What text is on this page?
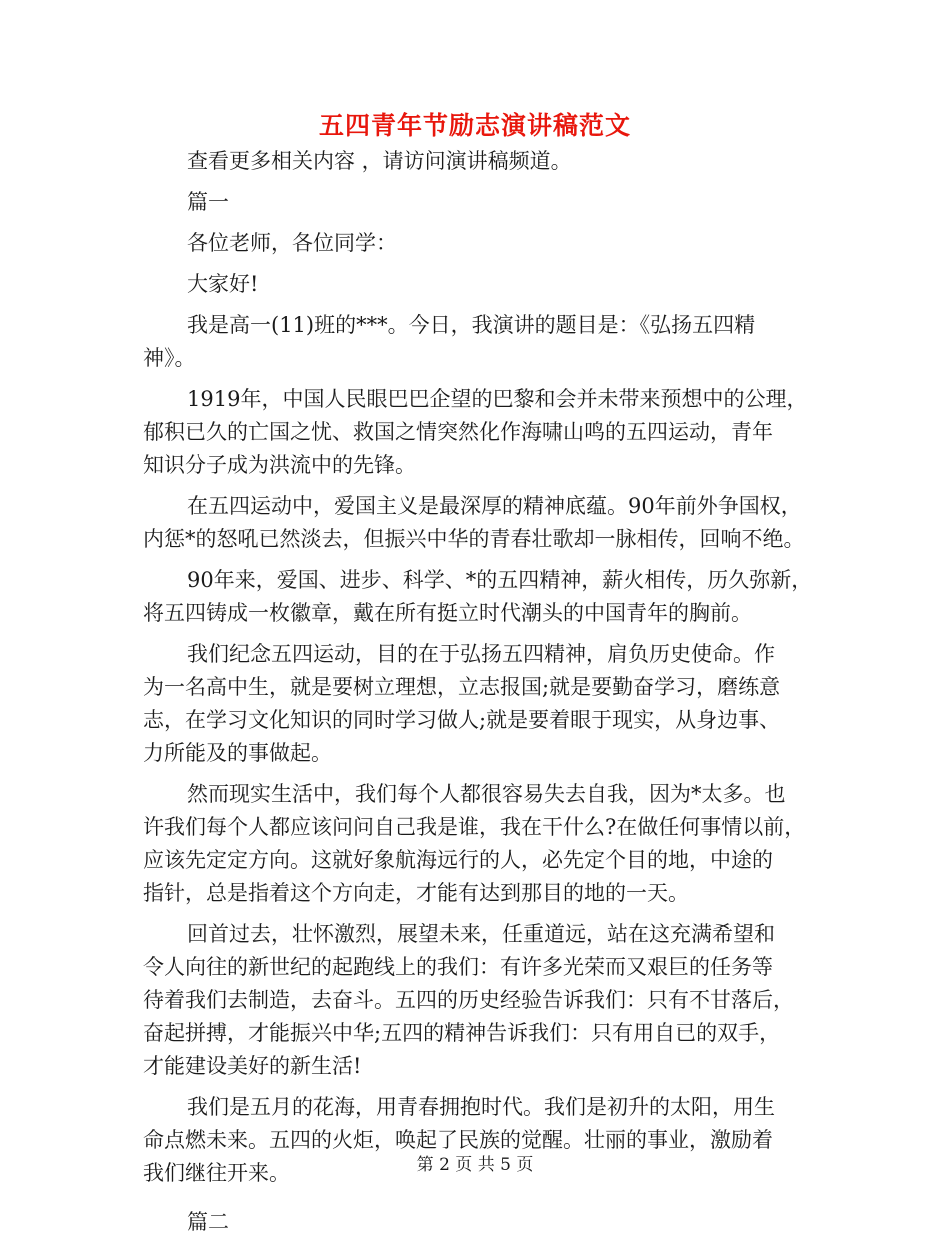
五四青年节励志演讲稿范文
查看更多相关内容 ，请访问演讲稿频道。
篇一
各位老师，各位同学：
大家好!
我是高一(11)班的***。今日，我演讲的题目是：《弘扬五四精
神》。
1919年，中国人民眼巴巴企望的巴黎和会并未带来预想中的公理，
郁积已久的亡国之忧、救国之情突然化作海啸山鸣的五四运动，青年
知识分子成为洪流中的先锋。
在五四运动中，爱国主义是最深厚的精神底蕴。90年前外争国权，
内惩*的怒吼已然淡去，但振兴中华的青春壮歌却一脉相传，回响不绝。
90年来，爱国、进步、科学、*的五四精神，薪火相传，历久弥新，
将五四铸成一枚徽章，戴在所有挺立时代潮头的中国青年的胸前。
我们纪念五四运动，目的在于弘扬五四精神，肩负历史使命。作
为一名高中生，就是要树立理想，立志报国;就是要勤奋学习，磨练意
志，在学习文化知识的同时学习做人;就是要着眼于现实，从身边事、
力所能及的事做起。
然而现实生活中，我们每个人都很容易失去自我，因为*太多。也
许我们每个人都应该问问自己我是谁，我在干什么?在做任何事情以前，
应该先定定方向。这就好象航海远行的人，必先定个目的地，中途的
指针，总是指着这个方向走，才能有达到那目的地的一天。
回首过去，壮怀激烈，展望未来，任重道远，站在这充满希望和
令人向往的新世纪的起跑线上的我们：有许多光荣而又艰巨的任务等
待着我们去制造，去奋斗。五四的历史经验告诉我们：只有不甘落后，
奋起拼搏，才能振兴中华;五四的精神告诉我们：只有用自已的双手，
才能建设美好的新生活!
我们是五月的花海，用青春拥抱时代。我们是初升的太阳，用生
命点燃未来。五四的火炬，唤起了民族的觉醒。壮丽的事业，激励着
我们继往开来。
篇二
第 2 页 共 5 页
